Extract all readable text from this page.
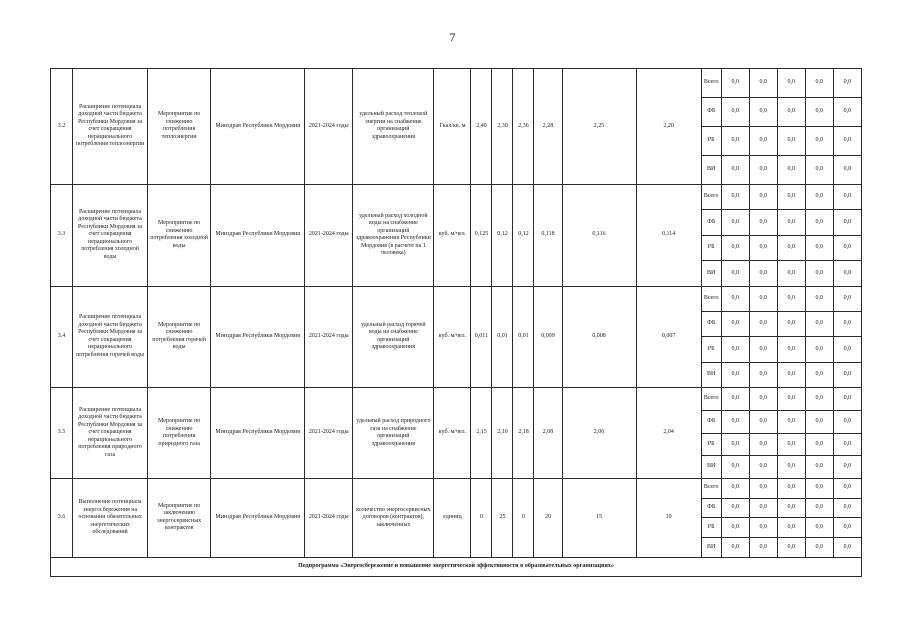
7
3.2	Расширение потенциала доходной части бюджета Республики Мордовия за счет сокращения нерационального потребления теплоэнергии	Мероприятие по снижению потребления теплоэнергии	Минздрав Республики Мордовия	2021-2024 годы	удельный расход тепловой энергии на снабжение организаций здравоохранения	Гкал/кв. м	2,40	2,30	2,36	2,28	2,25	2,20	Всего	0,0	0,0	0,0	0,0	0,0
													ФБ	0,0	0,0	0,0	0,0	0,0
													РБ	0,0	0,0	0,0	0,0	0,0
													ВИ	0,0	0,0	0,0	0,0	0,0
3.3	Расширение потенциала доходной части бюджета Республики Мордовия за счет сокращения нерационального потребления холодной воды	Мероприятие по снижению потребления холодной воды	Минздрав Республики Мордовия	2021-2024 годы	удельный расход холодной воды на снабжение организаций здравоохранения Республики Мордовия (в расчете на 1 человека)	куб. м/чел.	0,125	0,12	0,12	0,118	0,116	0,114	Всего	0,0	0,0	0,0	0,0	0,0
													ФБ	0,0	0,0	0,0	0,0	0,0
													РБ	0,0	0,0	0,0	0,0	0,0
													ВИ	0,0	0,0	0,0	0,0	0,0
3.4	Расширение потенциала доходной части бюджета Республики Мордовия за счет сокращения нерационального потребления горячей воды	Мероприятие по снижению потребления горячей воды	Минздрав Республики Мордовия	2021-2024 годы	удельный расход горячей воды на снабжение организаций здравоохранения	куб. м/чел.	0,011	0,01	0,01	0,009	0,008	0,007	Всего	0,0	0,0	0,0	0,0	0,0
													ФБ	0,0	0,0	0,0	0,0	0,0
													РБ	0,0	0,0	0,0	0,0	0,0
													ВИ	0,0	0,0	0,0	0,0	0,0
3.5	Расширение потенциала доходной части бюджета Республики Мордовия за счет сокращения нерационального потребления природного газа	Мероприятие по снижению потребления природного газа	Минздрав Республики Мордовия	2021-2024 годы	удельный расход природного газа на снабжение организаций здравоохранения	куб. м/чел.	2,15	2,10	2,18	2,08	2,06	2,04	Всего	0,0	0,0	0,0	0,0	0,0
													ФБ	0,0	0,0	0,0	0,0	0,0
													РБ	0,0	0,0	0,0	0,0	0,0
													ВИ	0,0	0,0	0,0	0,0	0,0
3.6	Выполнение потенциала энергосбережения на основании обязательных энергетических обследований	Мероприятие по заключению энергосервисных контрактов	Минздрав Республики Мордовия	2021-2024 годы	количество энергосервисных договоров (контрактов), заключенных	единиц	0	25	0	20	15	10	Всего	0,0	0,0	0,0	0,0	0,0
													ФБ	0,0	0,0	0,0	0,0	0,0
													РБ	0,0	0,0	0,0	0,0	0,0
													ВИ	0,0	0,0	0,0	0,0	0,0
Подпрограмма «Энергосбережение и повышение энергетической эффективности в образовательных организациях»																		
